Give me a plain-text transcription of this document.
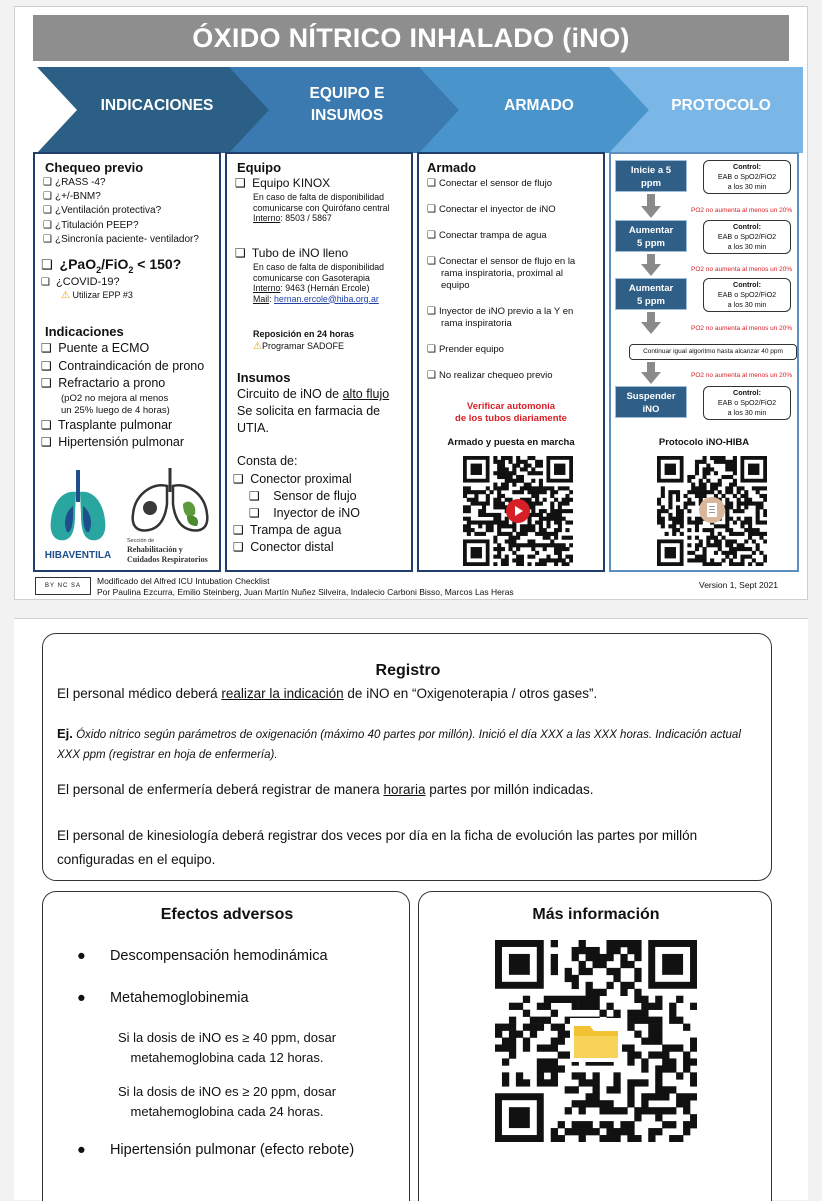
ÓXIDO NÍTRICO INHALADO (iNO)
INDICACIONES
EQUIPO E
INSUMOS
ARMADO	PROTOCOLO
Chequeo previo
❑ ¿RASS -4?
❑ ¿+/-BNM?
❑ ¿Ventilación protectiva?
❑ ¿Titulación PEEP?
❑ ¿Sincronía paciente- ventilador?
❑ ¿PaO$_2$/FiO$_2$ < 150?
❑ ¿COVID-19?
⚠ Utilizar EPP #3
Indicaciones
❑ Puente a ECMO
❑ Contraindicación de prono
❑ Refractario a prono
(pO2 no mejora al menos
un 25% luego de 4 horas)
❑ Trasplante pulmonar
❑ Hipertensión pulmonar
HIBAVENTILA
Sección de
Rehabilitación y
Cuidados Respiratorios
Equipo
❑ Equipo KINOX
En caso de falta de disponibilidad
comunicarse con Quirófano central
Interno: 8503 / 5867
❑ Tubo de iNO lleno
En caso de falta de disponibilidad
comunicarse con Gasoterapia
Interno: 9463 (Hernán Ercole)
Mail: hernan.ercole@hiba.org.ar
Reposición en 24 horas
⚠Programar SADOFE
Insumos
Circuito de iNO de alto flujo
Se solicita en farmacia de
UTIA.
Consta de:
❑ Conector proximal
❑ Sensor de flujo
❑ Inyector de iNO
❑ Trampa de agua
❑ Conector distal
Armado
❑ Conectar el sensor de flujo
❑ Conectar el inyector de iNO
❑ Conectar trampa de agua
❑ Conectar el sensor de flujo en la
rama inspiratoria, proximal al
equipo
❑ Inyector de iNO previo a la Y en
rama inspiratoria
❑ Prender equipo
❑ No realizar chequeo previo
Verificar automonía
de los tubos diariamente
Armado y puesta en marcha
Inicie a 5
ppm
Aumentar
5 ppm
Aumentar
5 ppm
Suspender
iNO
Control:
EAB o SpO2/FiO2
a los 30 min
Control:
EAB o SpO2/FiO2
a los 30 min
Control:
EAB o SpO2/FiO2
a los 30 min
Control:
EAB o SpO2/FiO2
a los 30 min
PO2 no aumenta al menos un 20%
PO2 no aumenta al menos un 20%
PO2 no aumenta al menos un 20%
Continuar igual algoritmo hasta alcanzar 40 ppm
PO2 no aumenta al menos un 20%
Protocolo iNO-HIBA
BY NC SA	Modificado del Alfred ICU Intubation Checklist
Por Paulina Ezcurra, Emilio Steinberg, Juan Martín Nuñez Silveira, Indalecio Carboni Bisso, Marcos Las Heras
Version 1, Sept 2021
Registro
El personal médico deberá realizar la indicación de iNO en “Oxigenoterapia / otros gases”.
Ej. Óxido nítrico según parámetros de oxigenación (máximo 40 partes por millón). Inició el día XXX a las XXX horas. Indicación actual
XXX ppm (registrar en hoja de enfermería).
El personal de enfermería deberá registrar de manera horaria partes por millón indicadas.
El personal de kinesiología deberá registrar dos veces por día en la ficha de evolución las partes por millón
configuradas en el equipo.
Efectos adversos
●      Descompensación hemodinámica
●      Metahemoglobinemia
Si la dosis de iNO es ≥ 40 ppm, dosar
metahemoglobina cada 12 horas.
Si la dosis de iNO es ≥ 20 ppm, dosar
metahemoglobina cada 24 horas.
●      Hipertensión pulmonar (efecto rebote)
Más información
